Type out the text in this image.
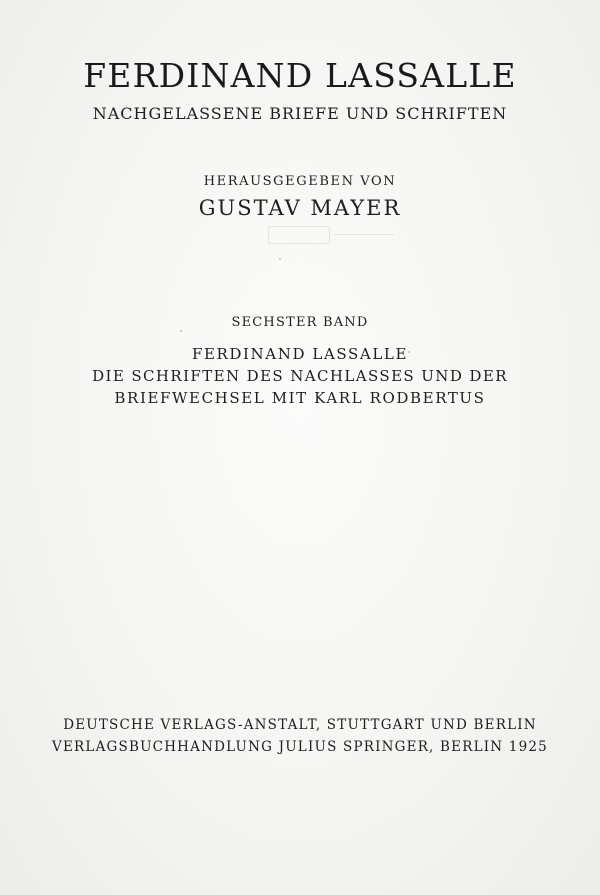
FERDINAND LASSALLE
NACHGELASSENE BRIEFE UND SCHRIFTEN
HERAUSGEGEBEN VON
GUSTAV MAYER
SECHSTER BAND
FERDINAND LASSALLE
DIE SCHRIFTEN DES NACHLASSES UND DER
BRIEFWECHSEL MIT KARL RODBERTUS
DEUTSCHE VERLAGS-ANSTALT, STUTTGART UND BERLIN
VERLAGSBUCHHANDLUNG JULIUS SPRINGER, BERLIN 1925
